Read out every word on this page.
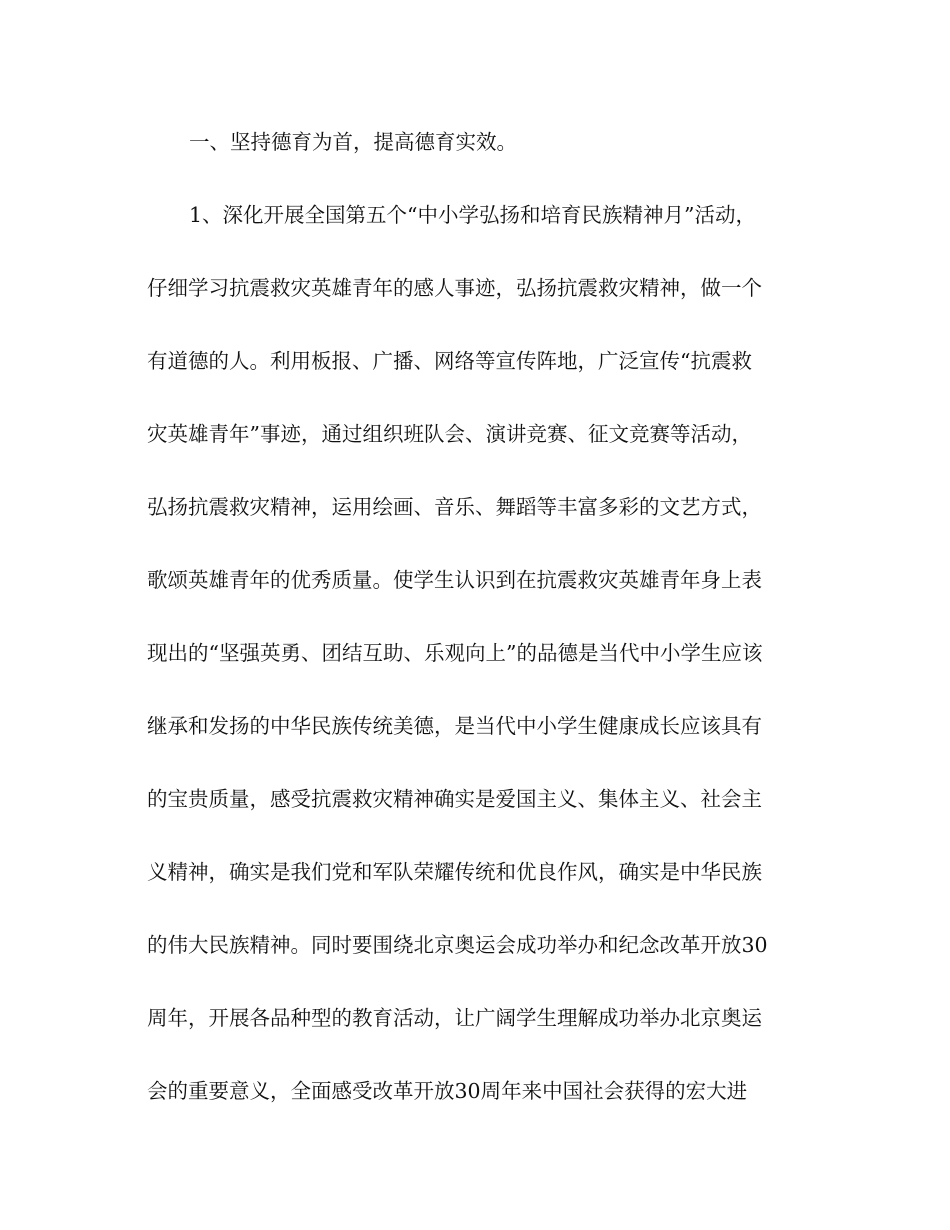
一、坚持德育为首，提高德育实效。
1、深化开展全国第五个“中小学弘扬和培育民族精神月”活动，
仔细学习抗震救灾英雄青年的感人事迹，弘扬抗震救灾精神，做一个
有道德的人。利用板报、广播、网络等宣传阵地，广泛宣传“抗震救
灾英雄青年”事迹，通过组织班队会、演讲竞赛、征文竞赛等活动，
弘扬抗震救灾精神，运用绘画、音乐、舞蹈等丰富多彩的文艺方式，
歌颂英雄青年的优秀质量。使学生认识到在抗震救灾英雄青年身上表
现出的“坚强英勇、团结互助、乐观向上”的品德是当代中小学生应该
继承和发扬的中华民族传统美德，是当代中小学生健康成长应该具有
的宝贵质量，感受抗震救灾精神确实是爱国主义、集体主义、社会主
义精神，确实是我们党和军队荣耀传统和优良作风，确实是中华民族
的伟大民族精神。同时要围绕北京奥运会成功举办和纪念改革开放30
周年，开展各品种型的教育活动，让广阔学生理解成功举办北京奥运
会的重要意义，全面感受改革开放30周年来中国社会获得的宏大进
